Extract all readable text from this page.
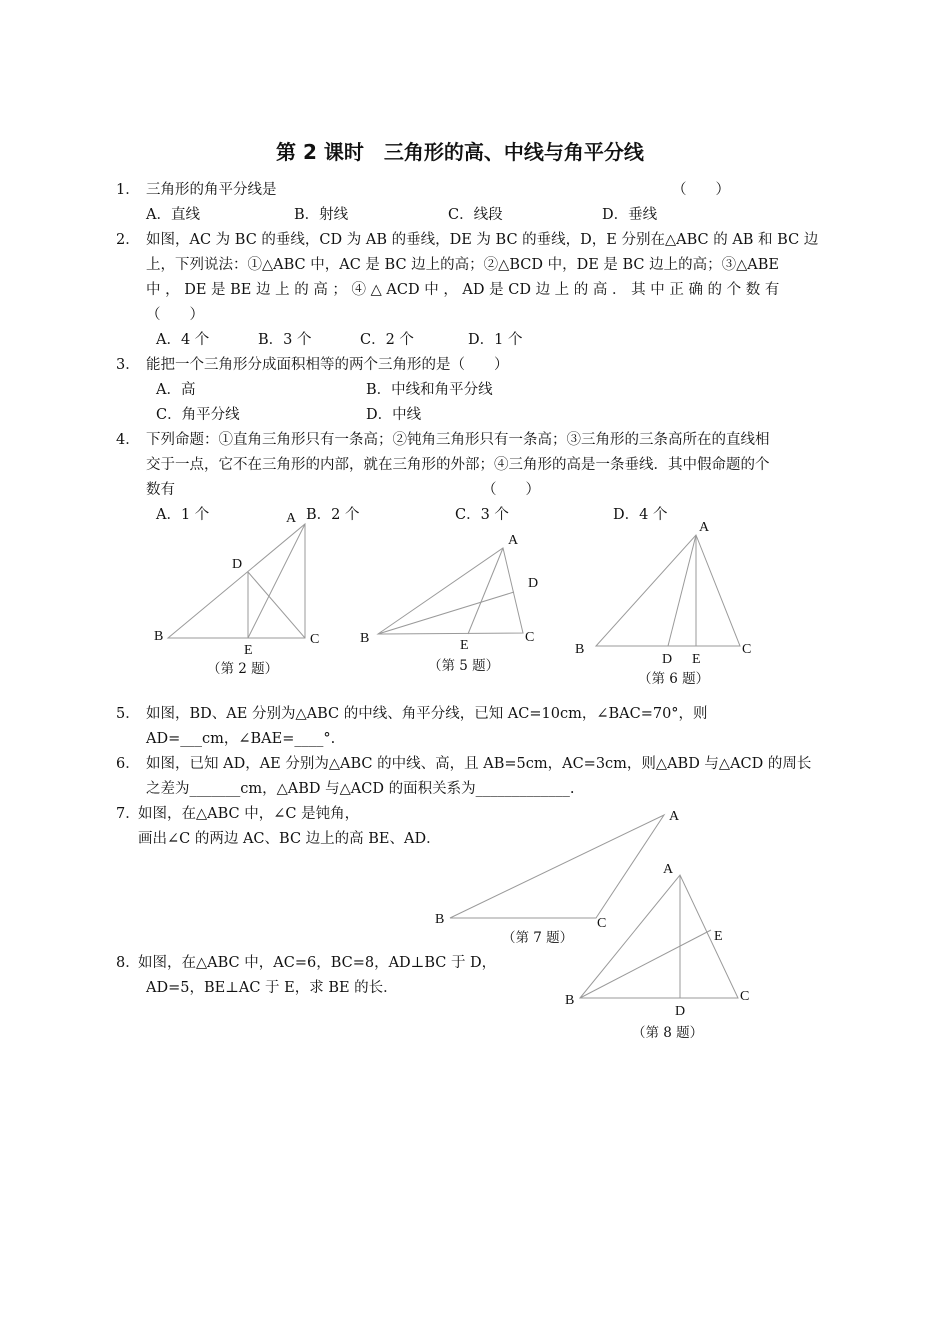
第 2 课时　三角形的高、中线与角平分线
1． 三角形的角平分线是	（　　）
A．直线	B．射线	C．线段	D．垂线
2． 如图，AC 为 BC 的垂线，CD 为 AB 的垂线，DE 为 BC 的垂线，D，E 分别在△ABC 的 AB 和 BC 边
上，下列说法：①△ABC 中，AC 是 BC 边上的高；②△BCD 中，DE 是 BC 边上的高；③△ABE
中 ， DE 是 BE 边 上 的 高 ； ④ △ ACD 中 ， AD 是 CD 边 上 的 高 ． 其 中 正 确 的 个 数 有
（　　）
A．4 个	B．3 个	C．2 个	D．1 个
3． 能把一个三角形分成面积相等的两个三角形的是（　　）
A．高	B．中线和角平分线
C．角平分线	D．中线
4． 下列命题：①直角三角形只有一条高；②钝角三角形只有一条高；③三角形的三条高所在的直线相
交于一点，它不在三角形的内部，就在三角形的外部；④三角形的高是一条垂线．其中假命题的个
数有	（　　）
A．1 个	B．2 个	C．3 个	D．4 个
A
D
B
E
C
A
D
B	E
C
A
B
D E
C
A
B	C
A
E
B	C
D
（第 2 题）	（第 5 题）
（第 6 题）
（第 7 题）
（第 8 题）
5． 如图，BD、AE 分别为△ABC 的中线、角平分线，已知 AC=10cm，∠BAC=70°，则
AD=___cm，∠BAE=____°.
6． 如图，已知 AD，AE 分别为△ABC 的中线、高，且 AB=5cm，AC=3cm，则△ABD 与△ACD 的周长
之差为_______cm，△ABD 与△ACD 的面积关系为_____________.
7．
如图，在△ABC 中，∠C 是钝角，
画出∠C 的两边 AC、BC 边上的高 BE、AD．
8．
如图，在△ABC 中，AC=6，BC=8，AD⊥BC 于 D，
AD=5，BE⊥AC 于 E，求 BE 的长．
